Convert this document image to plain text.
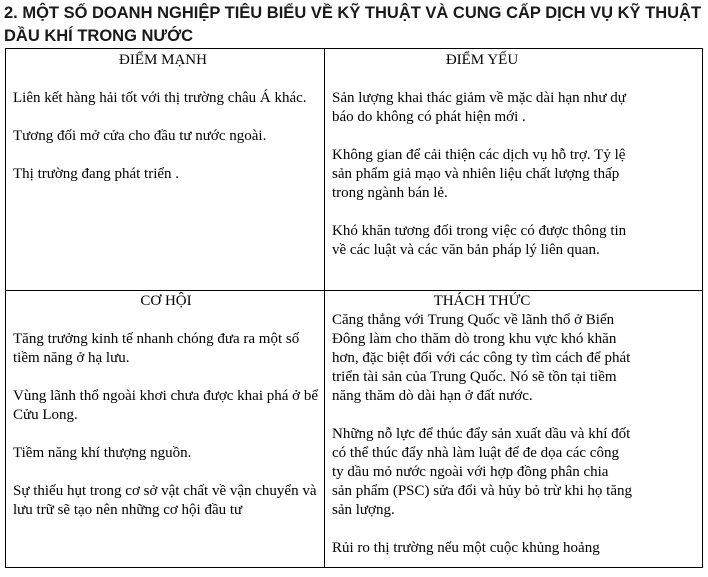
2. MỘT SỐ DOANH NGHIỆP TIÊU BIỂU VỀ KỸ THUẬT VÀ CUNG CẤP DỊCH VỤ KỸ THUẬT DẦU KHÍ TRONG NƯỚC
ĐIỂM MẠNH

Liên kết hàng hải tốt với thị trường châu Á khác.

Tương đối mở cửa cho đầu tư nước ngoài.

Thị trường đang phát triển .

ĐIỂM YẾU

Sản lượng khai thác giảm về mặc dài hạn như dự báo do không có phát hiện mới .

Không gian để cải thiện các dịch vụ hỗ trợ. Tỷ lệ sản phẩm giả mạo và nhiên liệu chất lượng thấp trong ngành bán lẻ.

Khó khăn tương đối trong việc có được thông tin về các luật và các văn bản pháp lý liên quan.

CƠ HỘI

Tăng trưởng kinh tế nhanh chóng đưa ra một số tiềm năng ở hạ lưu.

Vùng lãnh thổ ngoài khơi chưa được khai phá ở bể Cửu Long.

Tiềm năng khí thượng nguồn.

Sự thiếu hụt trong cơ sở vật chất về vận chuyển và lưu trữ sẽ tạo nên những cơ hội đầu tư

THÁCH THỨC

Căng thẳng với Trung Quốc về lãnh thổ ở Biển Đông làm cho thăm dò trong khu vực khó khăn hơn, đặc biệt đối với các công ty tìm cách để phát triển tài sản của Trung Quốc. Nó sẽ tồn tại tiềm năng thăm dò dài hạn ở đất nước.

Những nỗ lực để thúc đẩy sản xuất dầu và khí đốt có thể thúc đẩy nhà làm luật để đe dọa các công ty dầu mỏ nước ngoài với hợp đồng phân chia sản phẩm (PSC) sửa đổi và hủy bỏ trừ khi họ tăng sản lượng.

Rủi ro thị trường nếu một cuộc khủng hoảng
